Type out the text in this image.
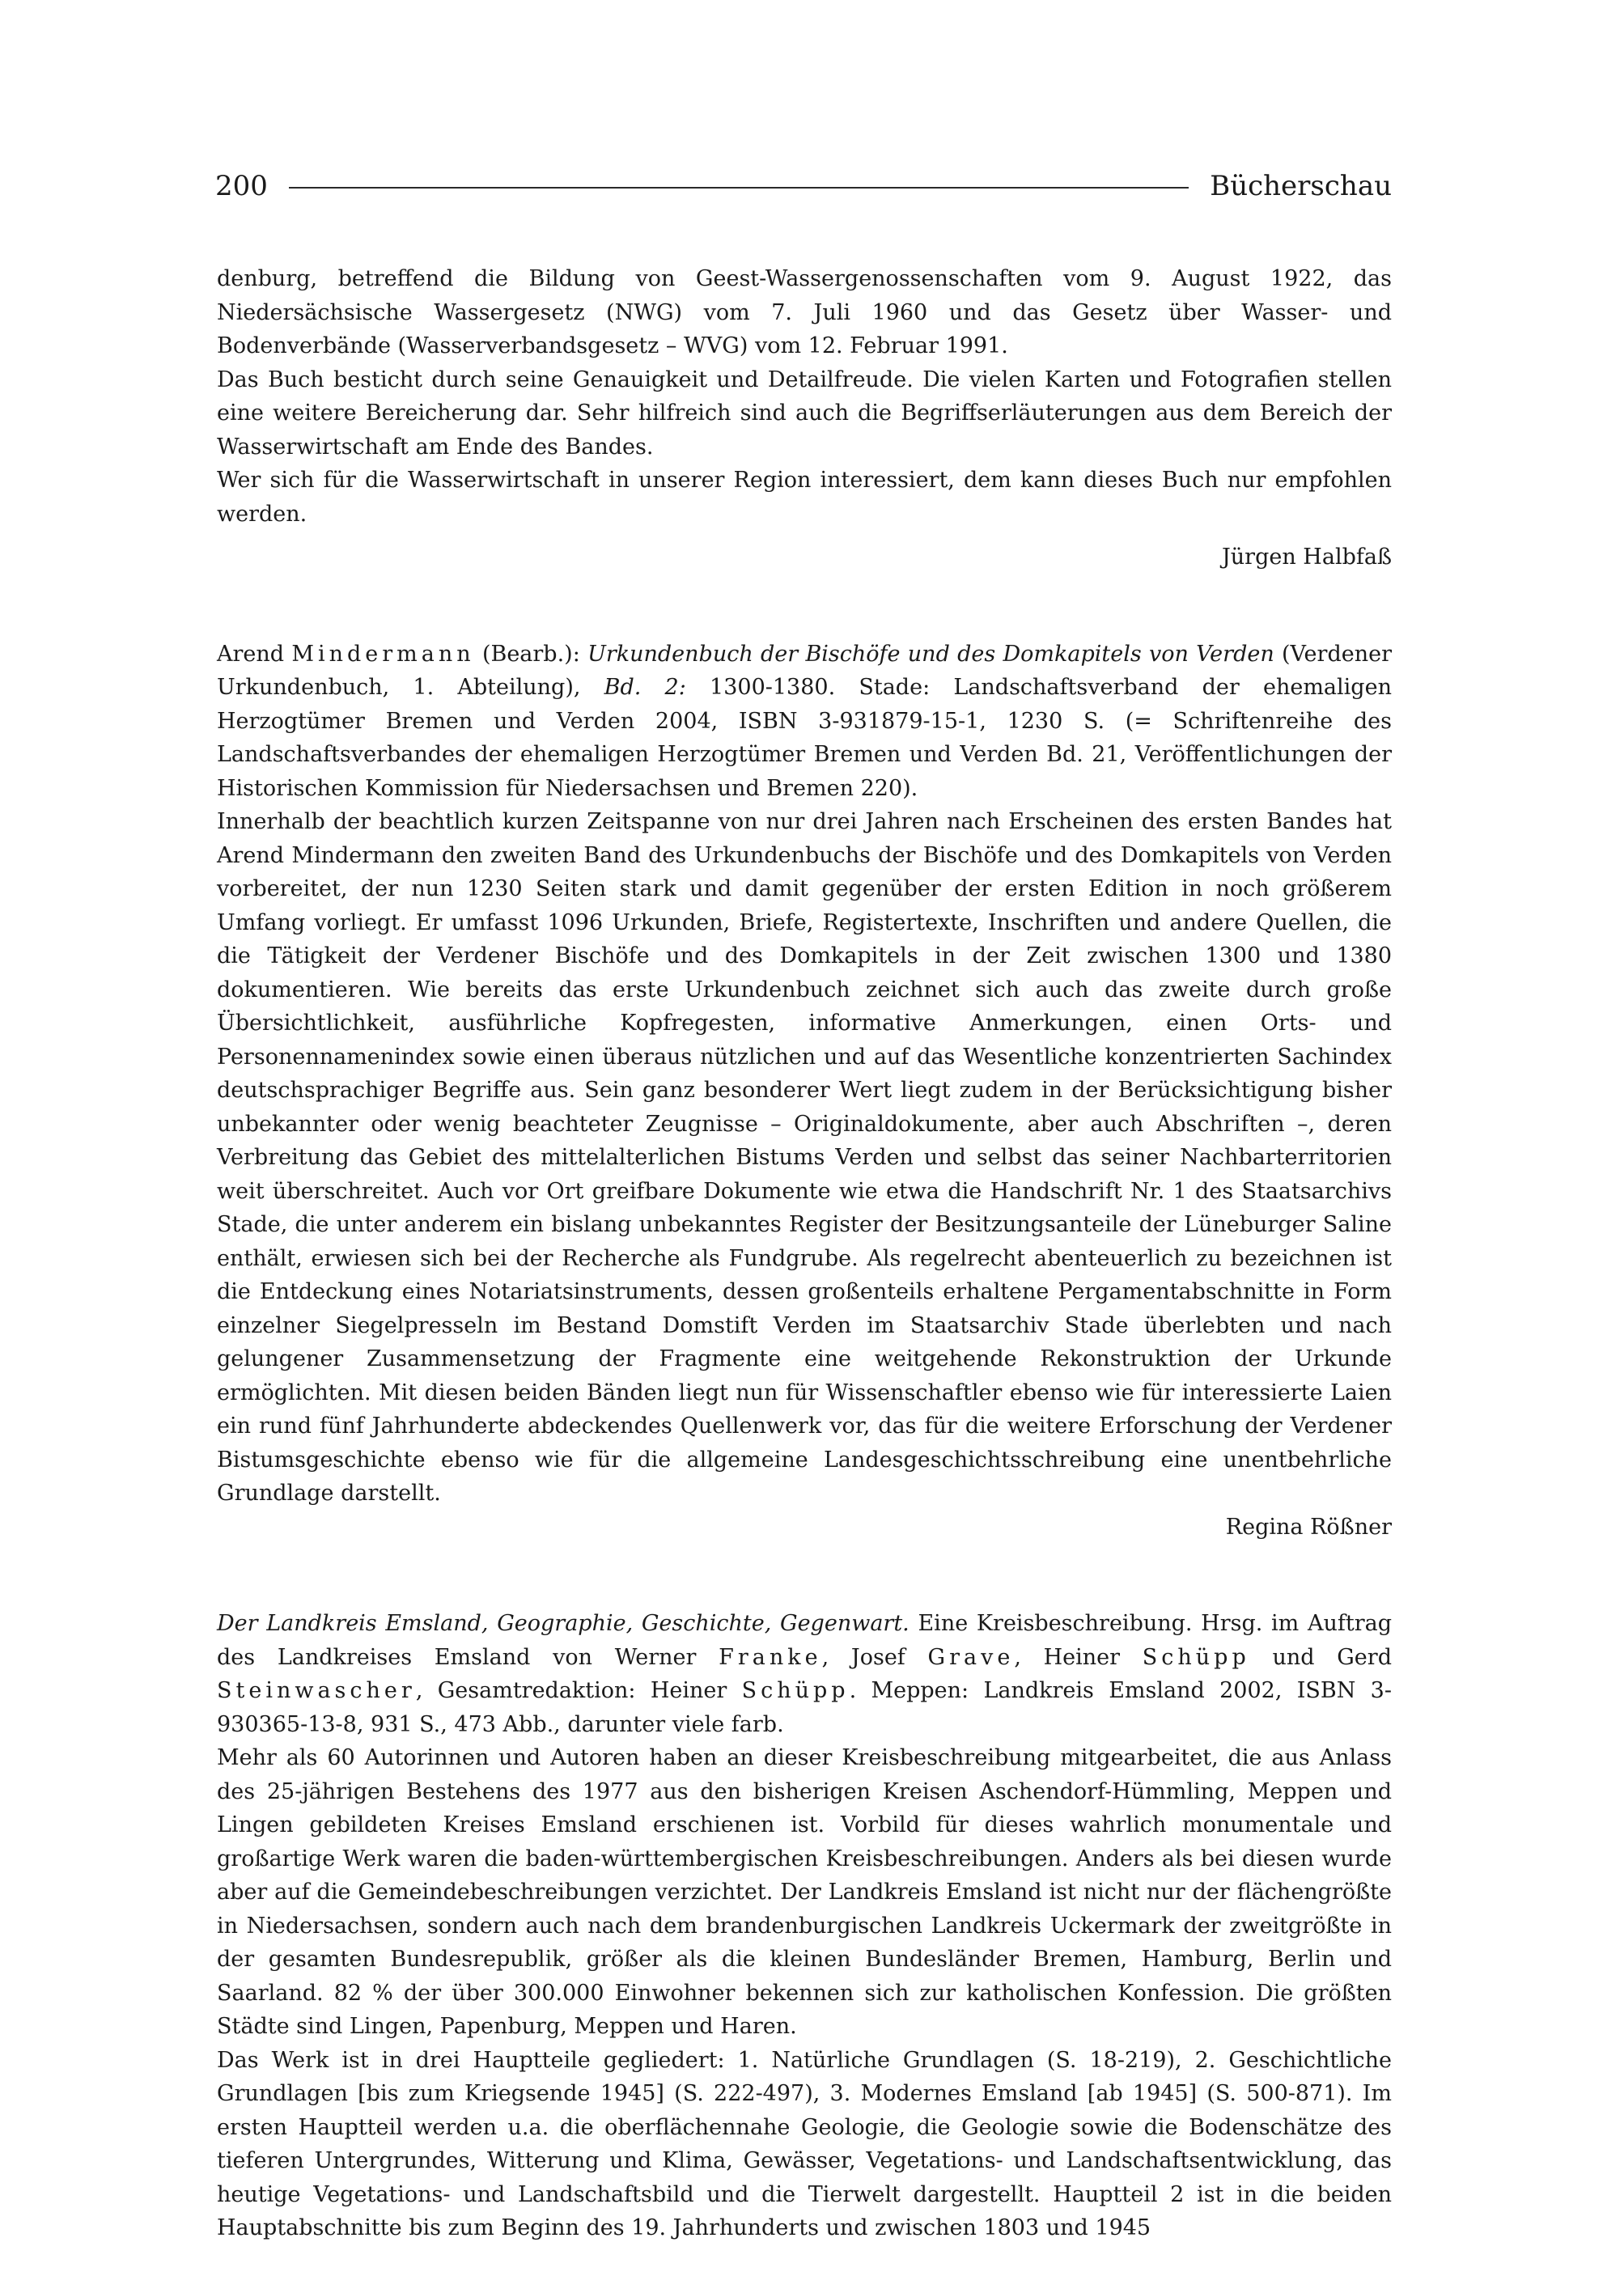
200	Bücherschau

denburg, betreffend die Bildung von Geest-Wassergenossenschaften vom 9. August 1922, das Niedersächsische Wassergesetz (NWG) vom 7. Juli 1960 und das Gesetz über Wasser- und Bodenverbände (Wasserverbandsgesetz – WVG) vom 12. Februar 1991.

Das Buch besticht durch seine Genauigkeit und Detailfreude. Die vielen Karten und Fotografien stellen eine weitere Bereicherung dar. Sehr hilfreich sind auch die Begriffserläuterungen aus dem Bereich der Wasserwirtschaft am Ende des Bandes.

Wer sich für die Wasserwirtschaft in unserer Region interessiert, dem kann dieses Buch nur empfohlen werden.

Jürgen Halbfaß

Arend Mindermann (Bearb.): Urkundenbuch der Bischöfe und des Domkapitels von Verden (Verdener Urkundenbuch, 1. Abteilung), Bd. 2: 1300-1380. Stade: Landschaftsverband der ehemaligen Herzogtümer Bremen und Verden 2004, ISBN 3-931879-15-1, 1230 S. (= Schriftenreihe des Landschaftsverbandes der ehemaligen Herzogtümer Bremen und Verden Bd. 21, Veröffentlichungen der Historischen Kommission für Niedersachsen und Bremen 220).

Innerhalb der beachtlich kurzen Zeitspanne von nur drei Jahren nach Erscheinen des ersten Bandes hat Arend Mindermann den zweiten Band des Urkundenbuchs der Bischöfe und des Domkapitels von Verden vorbereitet, der nun 1230 Seiten stark und damit gegenüber der ersten Edition in noch größerem Umfang vorliegt. Er umfasst 1096 Urkunden, Briefe, Registertexte, Inschriften und andere Quellen, die die Tätigkeit der Verdener Bischöfe und des Domkapitels in der Zeit zwischen 1300 und 1380 dokumentieren. Wie bereits das erste Urkundenbuch zeichnet sich auch das zweite durch große Übersichtlichkeit, ausführliche Kopfregesten, informative Anmerkungen, einen Orts- und Personennamenindex sowie einen überaus nützlichen und auf das Wesentliche konzentrierten Sachindex deutschsprachiger Begriffe aus. Sein ganz besonderer Wert liegt zudem in der Berücksichtigung bisher unbekannter oder wenig beachteter Zeugnisse – Originaldokumente, aber auch Abschriften –, deren Verbreitung das Gebiet des mittelalterlichen Bistums Verden und selbst das seiner Nachbarterritorien weit überschreitet. Auch vor Ort greifbare Dokumente wie etwa die Handschrift Nr. 1 des Staatsarchivs Stade, die unter anderem ein bislang unbekanntes Register der Besitzungsanteile der Lüneburger Saline enthält, erwiesen sich bei der Recherche als Fundgrube. Als regelrecht abenteuerlich zu bezeichnen ist die Entdeckung eines Notariatsinstruments, dessen großenteils erhaltene Pergamentabschnitte in Form einzelner Siegelpresseln im Bestand Domstift Verden im Staatsarchiv Stade überlebten und nach gelungener Zusammensetzung der Fragmente eine weitgehende Rekonstruktion der Urkunde ermöglichten. Mit diesen beiden Bänden liegt nun für Wissenschaftler ebenso wie für interessierte Laien ein rund fünf Jahrhunderte abdeckendes Quellenwerk vor, das für die weitere Erforschung der Verdener Bistumsgeschichte ebenso wie für die allgemeine Landesgeschichtsschreibung eine unentbehrliche Grundlage darstellt.

Regina Rößner

Der Landkreis Emsland, Geographie, Geschichte, Gegenwart. Eine Kreisbeschreibung. Hrsg. im Auftrag des Landkreises Emsland von Werner Franke, Josef Grave, Heiner Schüpp und Gerd Steinwascher, Gesamtredaktion: Heiner Schüpp. Meppen: Landkreis Emsland 2002, ISBN 3-930365-13-8, 931 S., 473 Abb., darunter viele farb.

Mehr als 60 Autorinnen und Autoren haben an dieser Kreisbeschreibung mitgearbeitet, die aus Anlass des 25-jährigen Bestehens des 1977 aus den bisherigen Kreisen Aschendorf-Hümmling, Meppen und Lingen gebildeten Kreises Emsland erschienen ist. Vorbild für dieses wahrlich monumentale und großartige Werk waren die baden-württembergischen Kreisbeschreibungen. Anders als bei diesen wurde aber auf die Gemeindebeschreibungen verzichtet. Der Landkreis Emsland ist nicht nur der flächengrößte in Niedersachsen, sondern auch nach dem brandenburgischen Landkreis Uckermark der zweitgrößte in der gesamten Bundesrepublik, größer als die kleinen Bundesländer Bremen, Hamburg, Berlin und Saarland. 82 % der über 300.000 Einwohner bekennen sich zur katholischen Konfession. Die größten Städte sind Lingen, Papenburg, Meppen und Haren.

Das Werk ist in drei Hauptteile gegliedert: 1. Natürliche Grundlagen (S. 18-219), 2. Geschichtliche Grundlagen [bis zum Kriegsende 1945] (S. 222-497), 3. Modernes Emsland [ab 1945] (S. 500-871). Im ersten Hauptteil werden u.a. die oberflächennahe Geologie, die Geologie sowie die Bodenschätze des tieferen Untergrundes, Witterung und Klima, Gewässer, Vegetations- und Landschaftsentwicklung, das heutige Vegetations- und Landschaftsbild und die Tierwelt dargestellt. Hauptteil 2 ist in die beiden Hauptabschnitte bis zum Beginn des 19. Jahrhunderts und zwischen 1803 und 1945
